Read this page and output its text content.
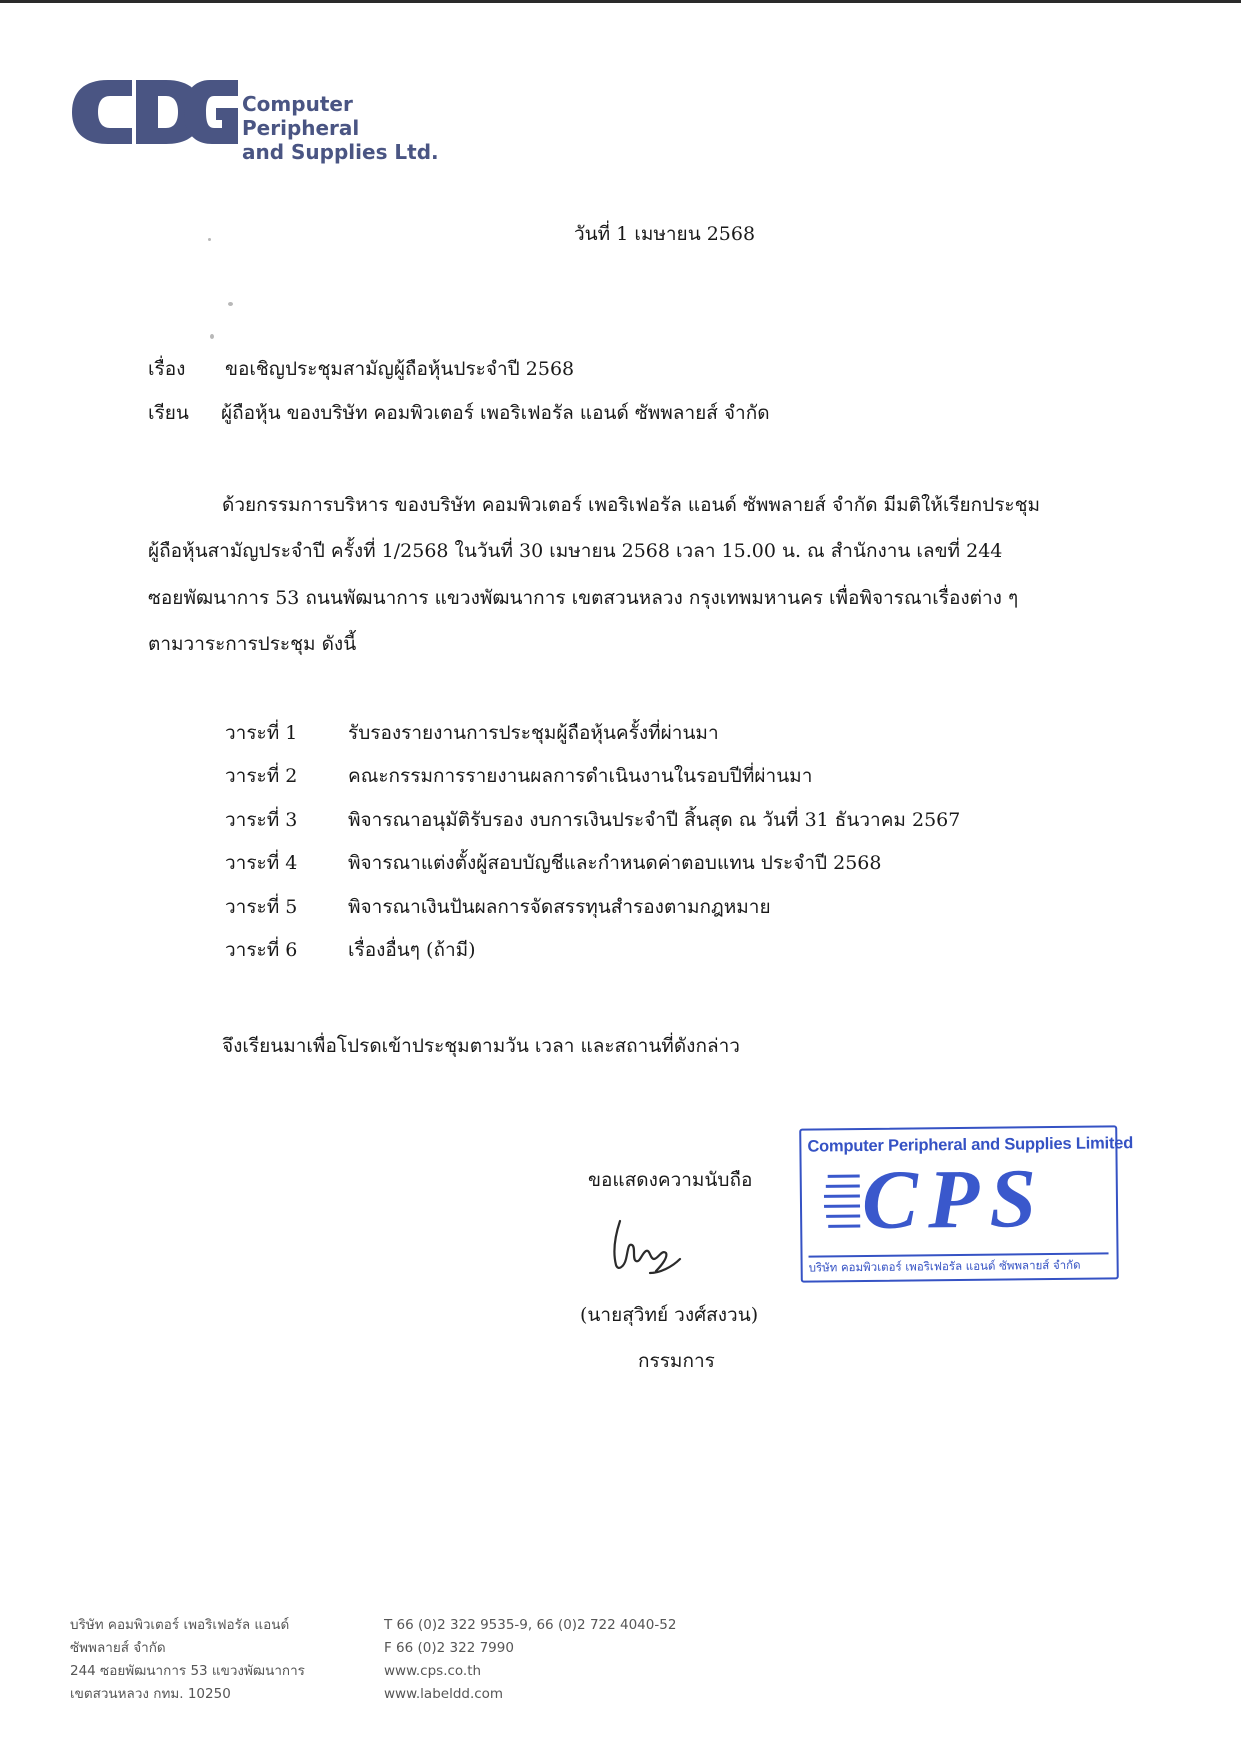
Computer Peripheral
and Supplies Ltd.
วันที่ 1 เมษายน 2568
เรื่อง ขอเชิญประชุมสามัญผู้ถือหุ้นประจำปี 2568
เรียน ผู้ถือหุ้น ของบริษัท คอมพิวเตอร์ เพอริเฟอรัล แอนด์ ซัพพลายส์ จำกัด
ด้วยกรรมการบริหาร ของบริษัท คอมพิวเตอร์ เพอริเฟอรัล แอนด์ ซัพพลายส์ จำกัด มีมติให้เรียกประชุม
ผู้ถือหุ้นสามัญประจำปี ครั้งที่ 1/2568 ในวันที่ 30 เมษายน 2568 เวลา 15.00 น. ณ สำนักงาน เลขที่ 244
ซอยพัฒนาการ 53 ถนนพัฒนาการ แขวงพัฒนาการ เขตสวนหลวง กรุงเทพมหานคร เพื่อพิจารณาเรื่องต่าง ๆ
ตามวาระการประชุม ดังนี้
วาระที่ 1	รับรองรายงานการประชุมผู้ถือหุ้นครั้งที่ผ่านมา
วาระที่ 2	คณะกรรมการรายงานผลการดำเนินงานในรอบปีที่ผ่านมา
วาระที่ 3	พิจารณาอนุมัติรับรอง งบการเงินประจำปี สิ้นสุด ณ วันที่ 31 ธันวาคม 2567
วาระที่ 4	พิจารณาแต่งตั้งผู้สอบบัญชีและกำหนดค่าตอบแทน ประจำปี 2568
วาระที่ 5	พิจารณาเงินปันผลการจัดสรรทุนสำรองตามกฎหมาย
วาระที่ 6	เรื่องอื่นๆ (ถ้ามี)
จึงเรียนมาเพื่อโปรดเข้าประชุมตามวัน เวลา และสถานที่ดังกล่าว
ขอแสดงความนับถือ
(นายสุวิทย์ วงศ์สงวน)
กรรมการ
Computer Peripheral and Supplies Limited
CPS
บริษัท คอมพิวเตอร์ เพอริเฟอรัล แอนด์ ซัพพลายส์ จำกัด
บริษัท คอมพิวเตอร์ เพอริเฟอรัล แอนด์
ซัพพลายส์ จำกัด
244 ซอยพัฒนาการ 53 แขวงพัฒนาการ
เขตสวนหลวง กทม. 10250
T 66 (0)2 322 9535-9, 66 (0)2 722 4040-52
F 66 (0)2 322 7990
www.cps.co.th
www.labeldd.com
